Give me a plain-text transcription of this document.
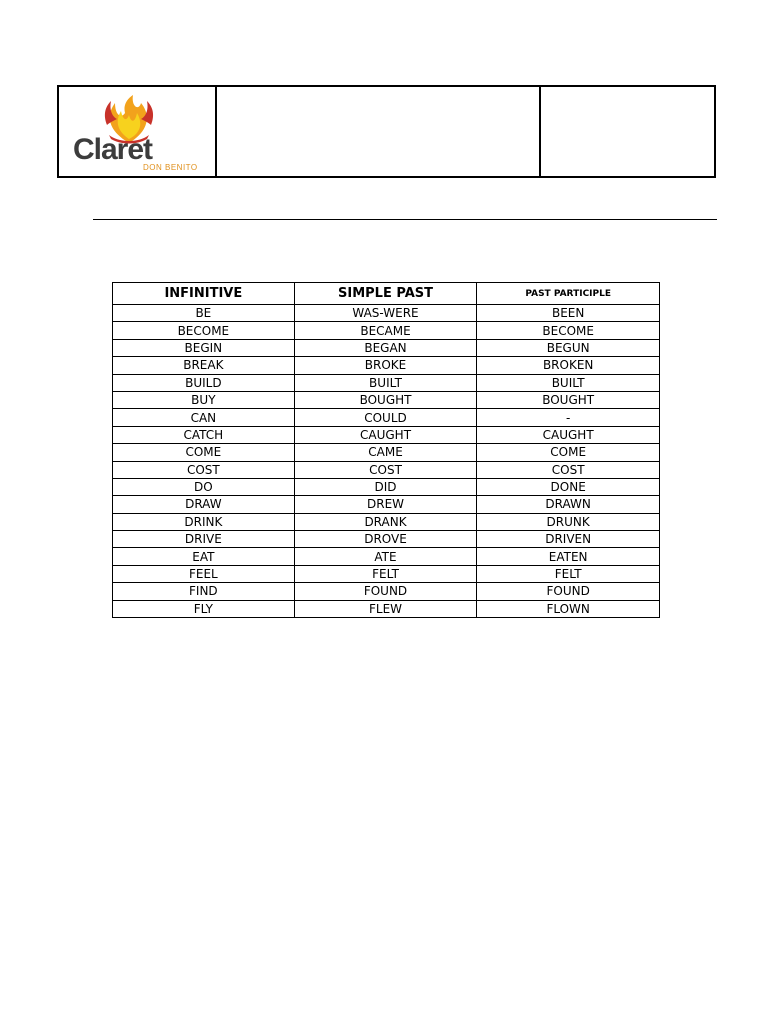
Claret
DON BENITO
INFINITIVE	SIMPLE PAST	PAST PARTICIPLE
BE	WAS-WERE	BEEN
BECOME	BECAME	BECOME
BEGIN	BEGAN	BEGUN
BREAK	BROKE	BROKEN
BUILD	BUILT	BUILT
BUY	BOUGHT	BOUGHT
CAN	COULD	-
CATCH	CAUGHT	CAUGHT
COME	CAME	COME
COST	COST	COST
DO	DID	DONE
DRAW	DREW	DRAWN
DRINK	DRANK	DRUNK
DRIVE	DROVE	DRIVEN
EAT	ATE	EATEN
FEEL	FELT	FELT
FIND	FOUND	FOUND
FLY	FLEW	FLOWN
